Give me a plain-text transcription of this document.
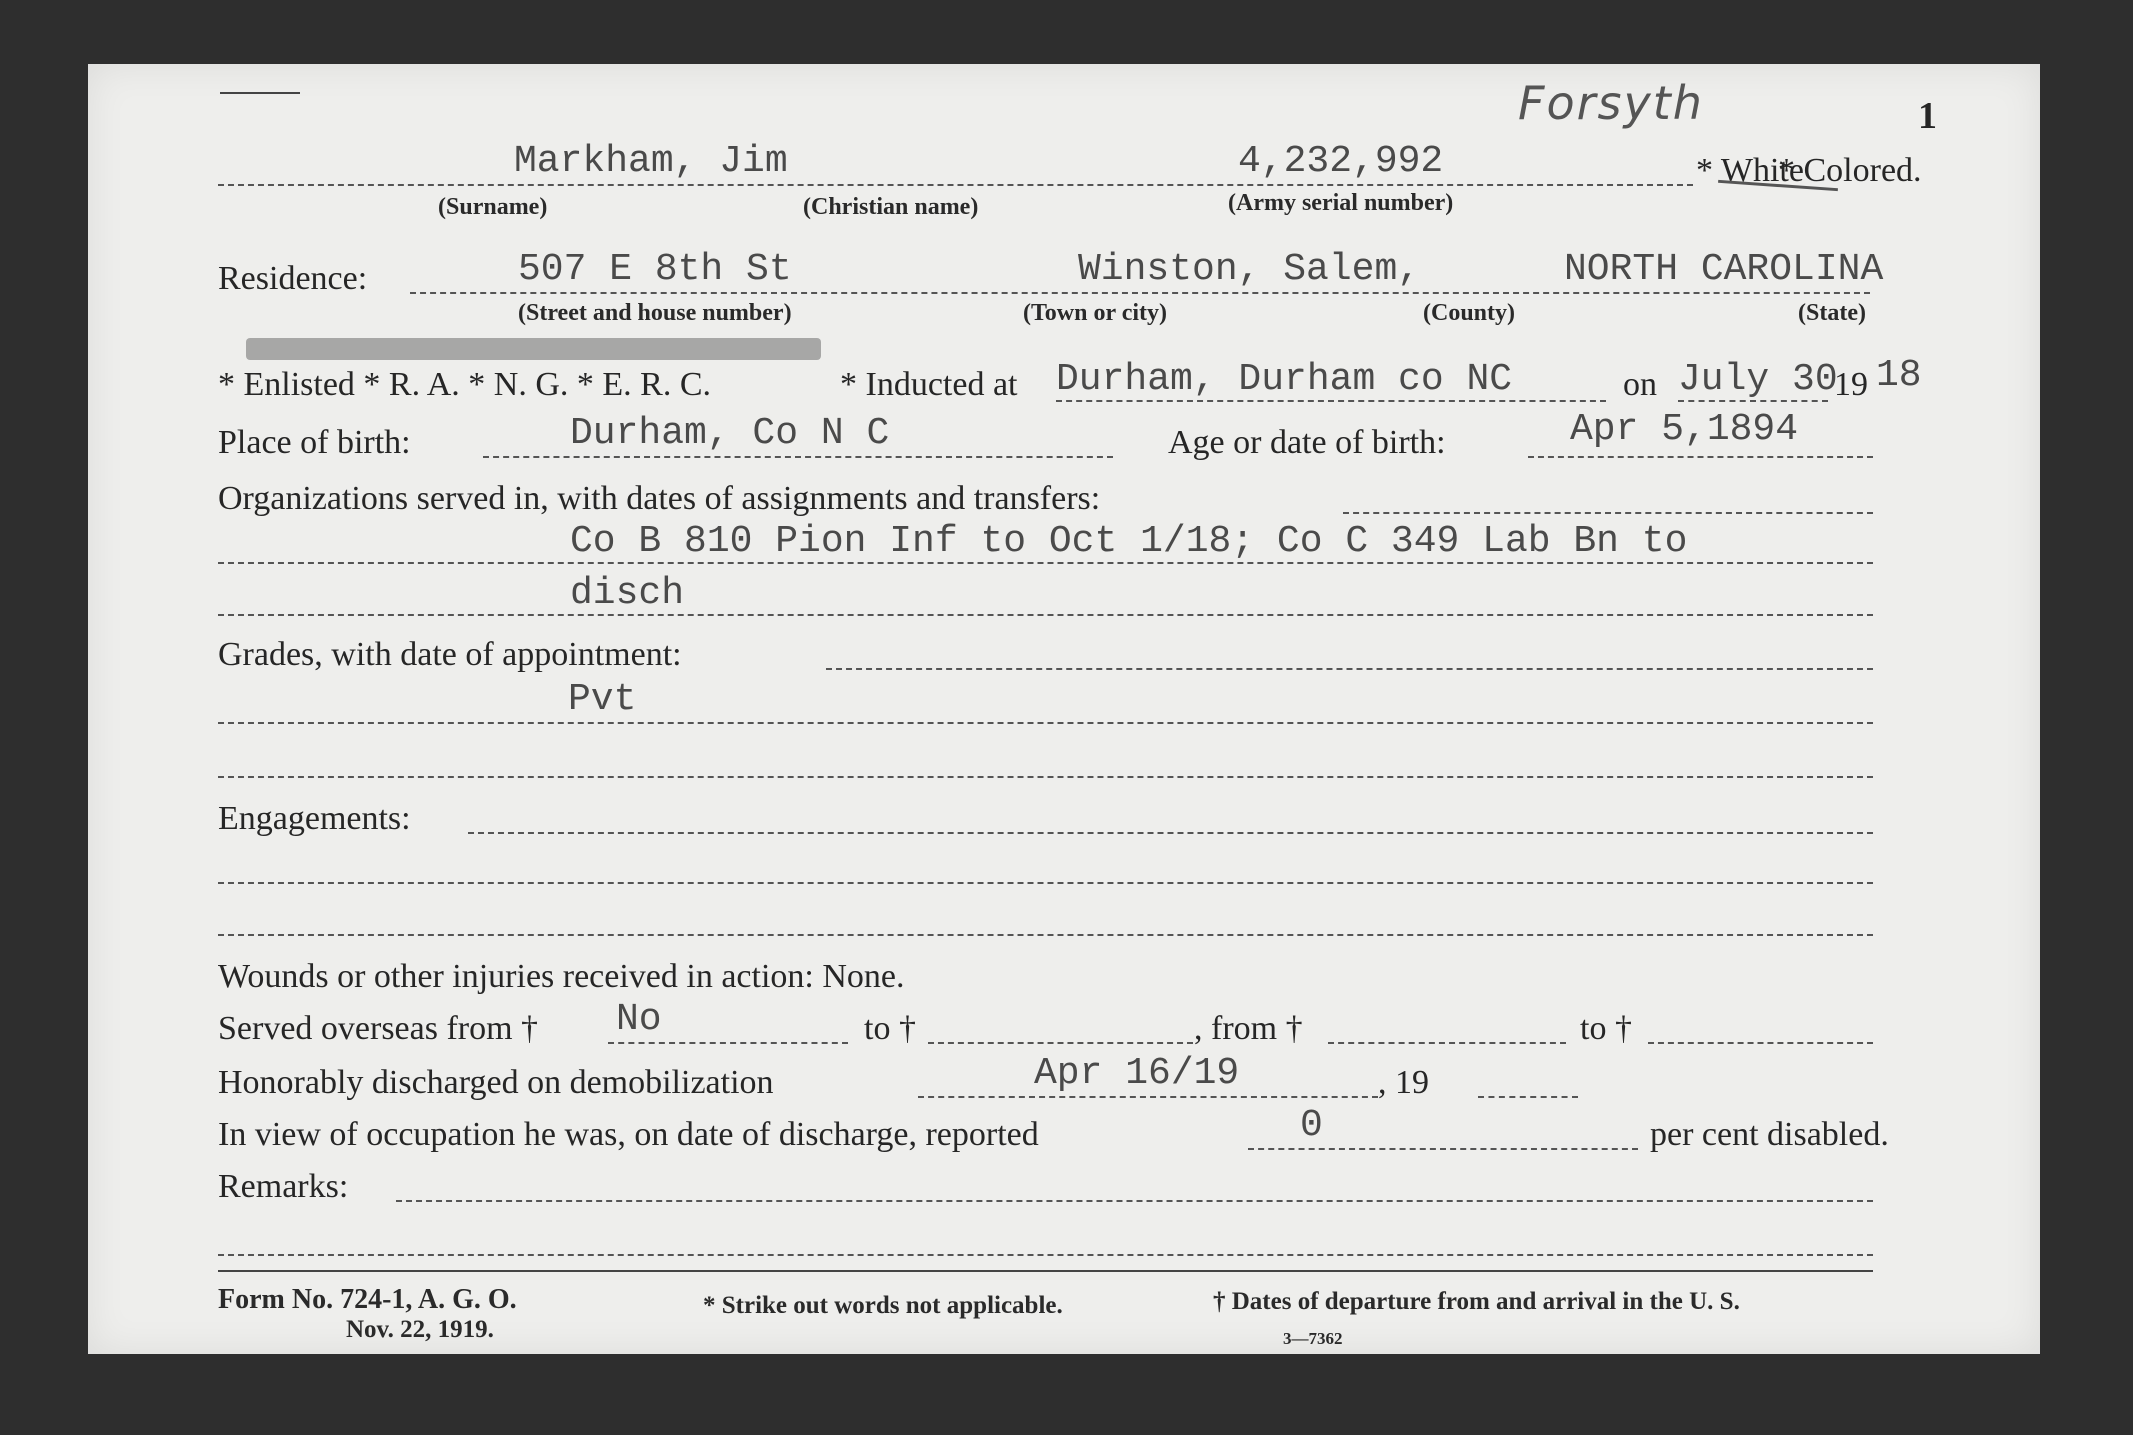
1
Forsyth
Markham, Jim	4,232,992	* White
* Colored.
(Surname)	(Christian name)	(Army serial number)
Residence:	507 E 8th St	Winston, Salem,	NORTH CAROLINA
(Street and house number)	(Town or city)	(County)	(State)
* Enlisted * R. A. * N. G. * E. R. C.	* Inducted at Durham, Durham co NC	on July 30
19 18
Place of birth:	Durham, Co N C	Age or date of birth:	Apr 5,1894
Organizations served in, with dates of assignments and transfers:
Co B 810 Pion Inf to Oct 1/18; Co C 349 Lab Bn to
disch
Grades, with date of appointment:
Pvt
Engagements:
Wounds or other injuries received in action: None.
Served overseas from † No	to †	, from †	to †
Honorably discharged on demobilization	Apr 16/19	, 19
In view of occupation he was, on date of discharge, reported	0	per cent disabled.
Remarks:
Form No. 724-1, A. G. O.
Nov. 22, 1919.
* Strike out words not applicable.	† Dates of departure from and arrival in the U. S.
3—7362
